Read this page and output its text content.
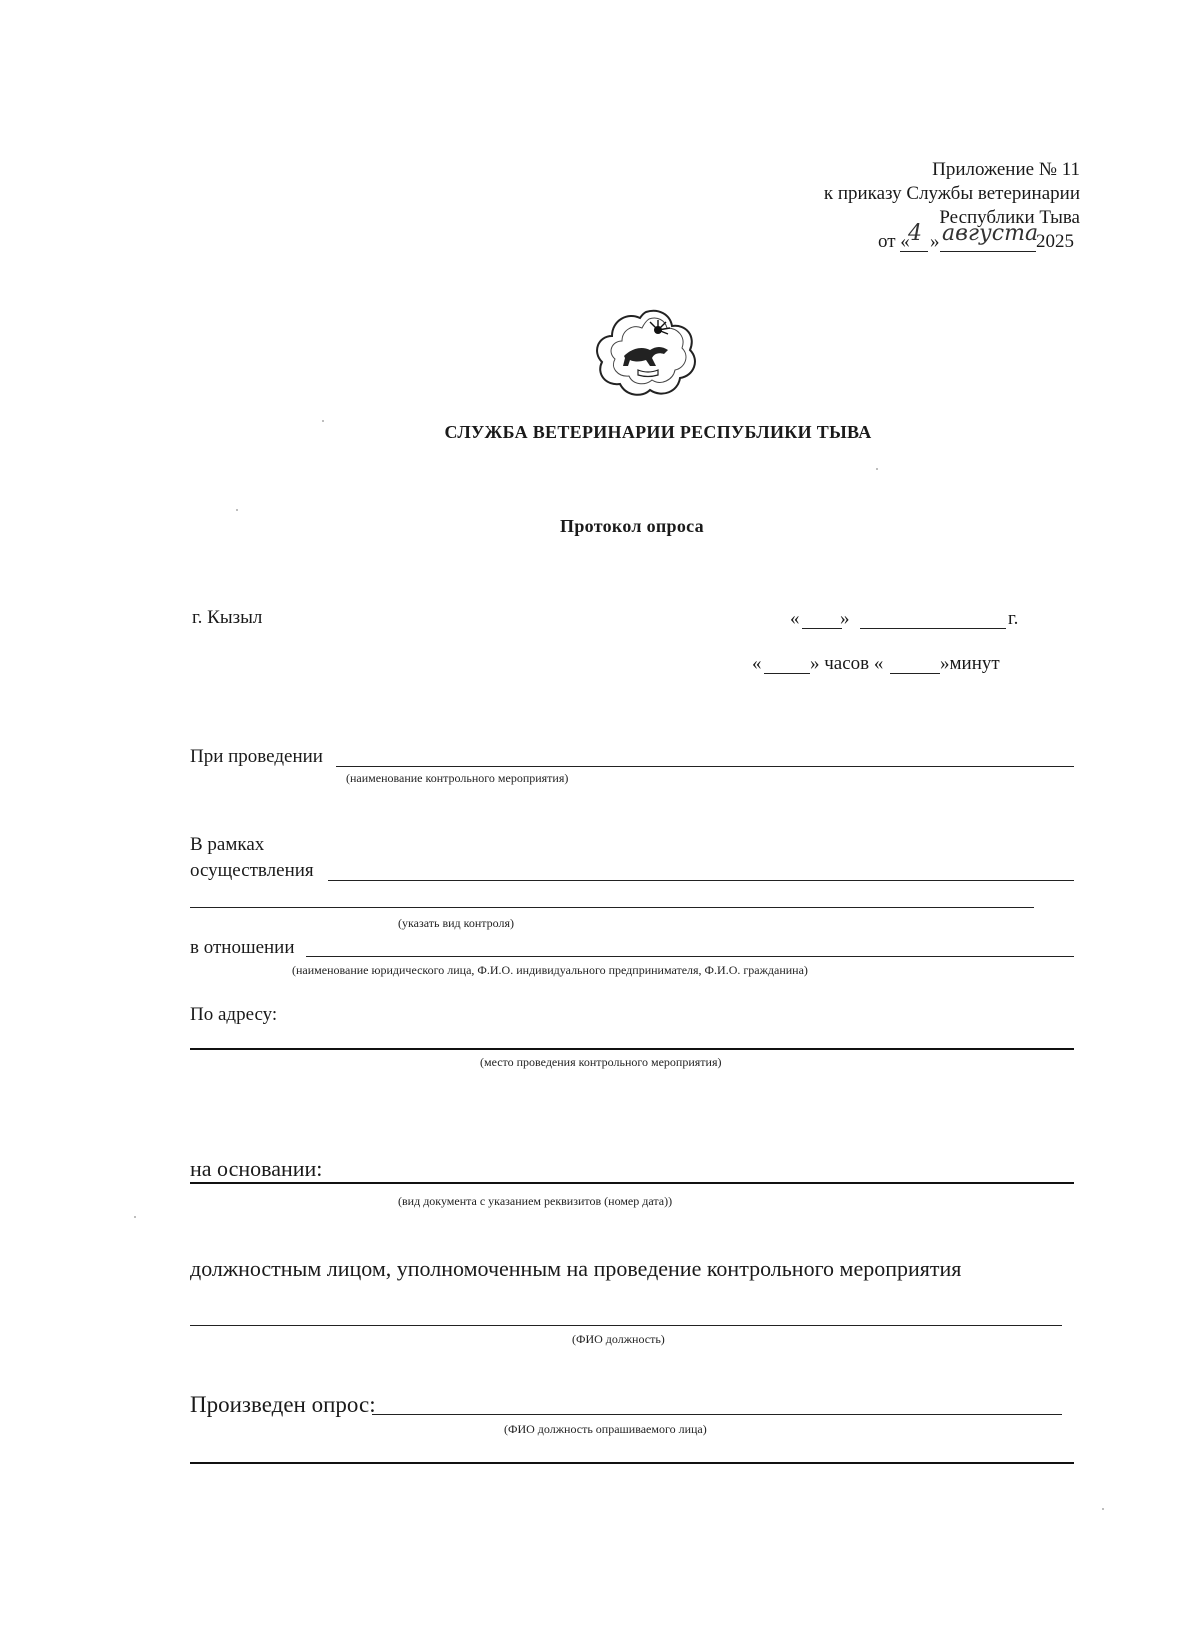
Приложение № 11
к приказу Службы ветеринарии
Республики Тыва
от «
4 » августа
2025
СЛУЖБА ВЕТЕРИНАРИИ РЕСПУБЛИКИ ТЫВА
Протокол опроса
г. Кызыл	« »	г.
«	» часов «	»минут
При проведении
(наименование контрольного мероприятия)
В рамках
осуществления
(указать вид контроля)
в отношении
(наименование юридического лица, Ф.И.О. индивидуального предпринимателя, Ф.И.О. гражданина)
По адресу:
(место проведения контрольного мероприятия)
на основании:
(вид документа с указанием реквизитов (номер дата))
должностным лицом, уполномоченным на проведение контрольного мероприятия
(ФИО должность)
Произведен опрос:
(ФИО должность опрашиваемого лица)
